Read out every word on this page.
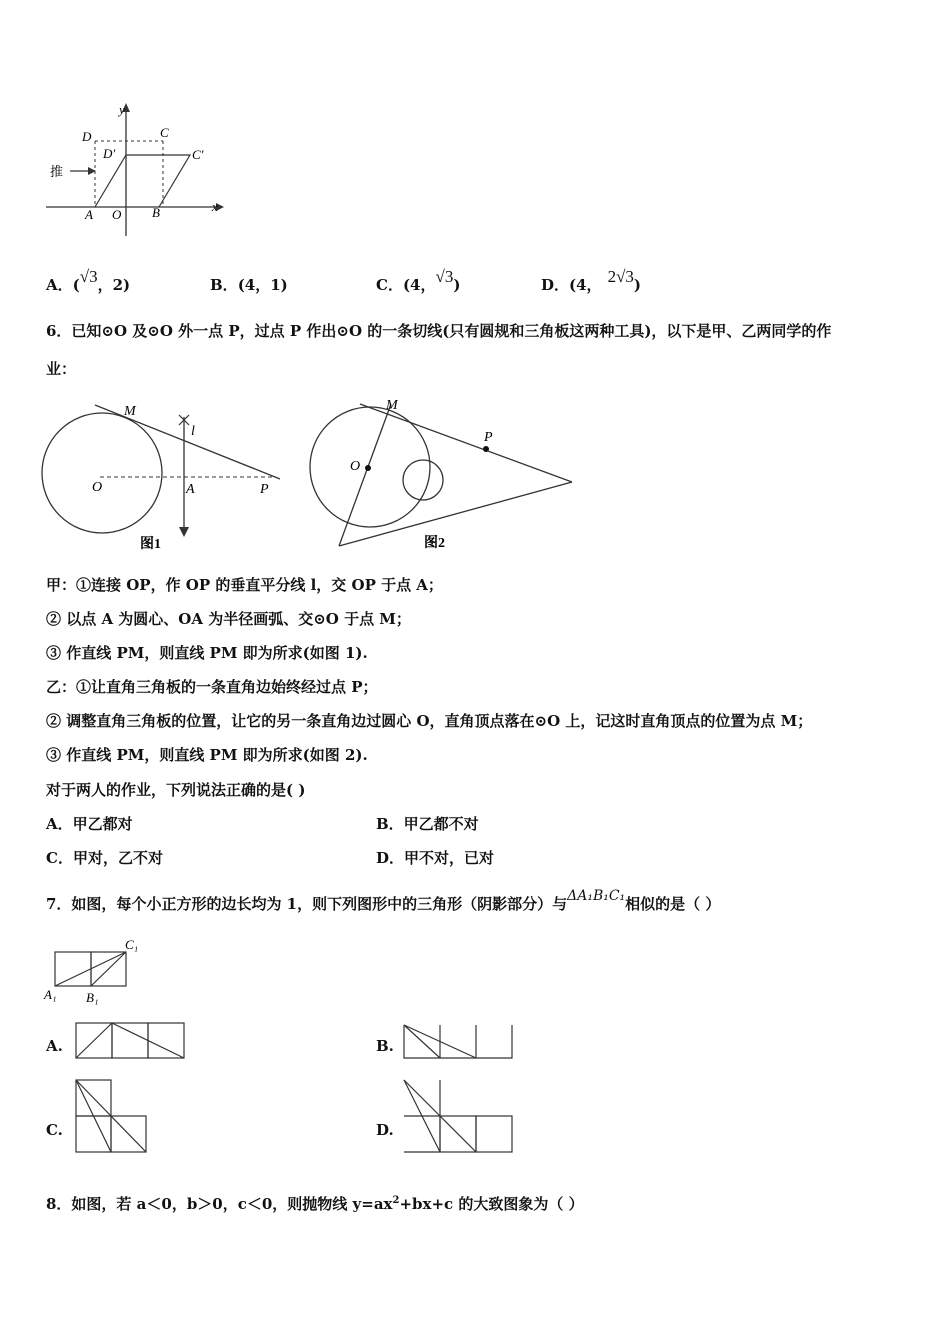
推
y
x
D	C
D′	C′
A O B
A．(√3，2)	B．(4，1)	C．(4，√3)	D．(4， 2√3)
6．已知⊙O 及⊙O 外一点 P，过点 P 作出⊙O 的一条切线(只有圆规和三角板这两种工具)，以下是甲、乙两同学的作
业：
M
l
O	A	P
图1
M
P
O
图2
甲：①连接 OP，作 OP 的垂直平分线 l，交 OP 于点 A；
② 以点 A 为圆心、OA 为半径画弧、交⊙O 于点 M；
③ 作直线 PM，则直线 PM 即为所求(如图 1).
乙：①让直角三角板的一条直角边始终经过点 P；
② 调整直角三角板的位置，让它的另一条直角边过圆心 O，直角顶点落在⊙O 上，记这时直角顶点的位置为点 M；
③ 作直线 PM，则直线 PM 即为所求(如图 2).
对于两人的作业，下列说法正确的是( )
A．甲乙都对	B．甲乙都不对
C．甲对，乙不对	D．甲不对，已对
7．如图，每个小正方形的边长均为 1，则下列图形中的三角形（阴影部分）与ΔA₁B₁C₁相似的是（ ）
C₁
A₁ B₁
A.	B.
C.	D.
8．如图，若 a＜0，b＞0，c＜0，则抛物线 $y=ax^2+bx+c$ 的大致图象为（ ）
